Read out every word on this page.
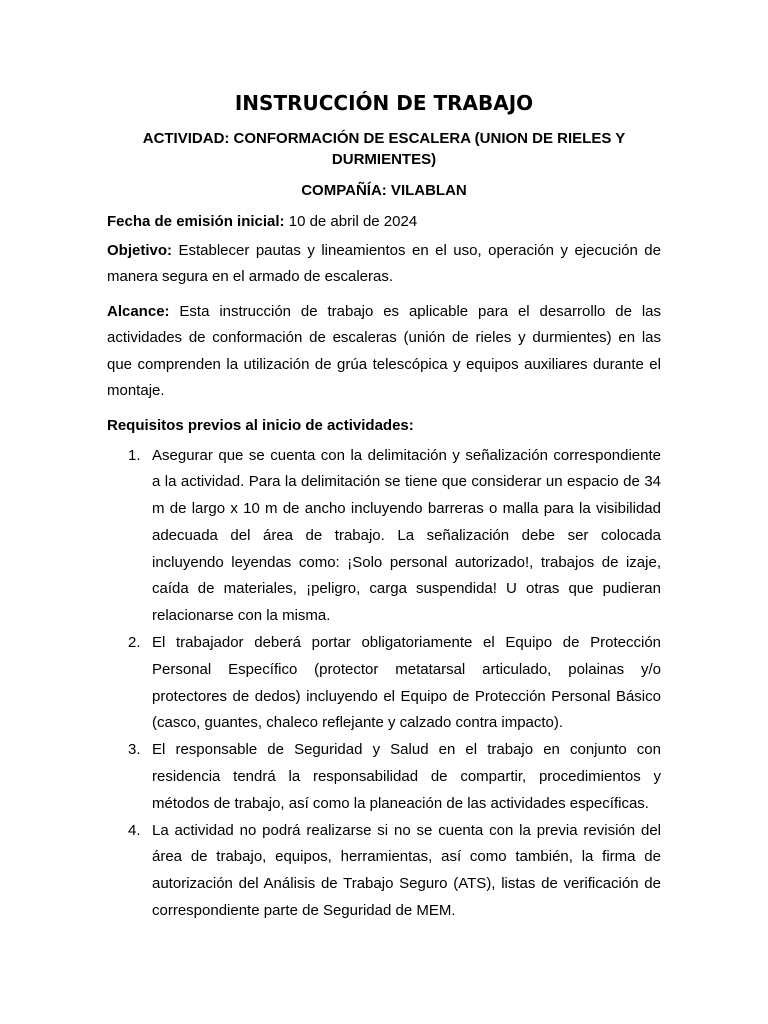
INSTRUCCIÓN DE TRABAJO
ACTIVIDAD: CONFORMACIÓN DE ESCALERA (UNION DE RIELES Y DURMIENTES)
COMPAÑÍA: VILABLAN

Fecha de emisión inicial: 10 de abril de 2024

Objetivo: Establecer pautas y lineamientos en el uso, operación y ejecución de manera segura en el armado de escaleras.

Alcance: Esta instrucción de trabajo es aplicable para el desarrollo de las actividades de conformación de escaleras (unión de rieles y durmientes) en las que comprenden la utilización de grúa telescópica y equipos auxiliares durante el montaje.

Requisitos previos al inicio de actividades:
1. Asegurar que se cuenta con la delimitación y señalización correspondiente a la actividad. Para la delimitación se tiene que considerar un espacio de 34 m de largo x 10 m de ancho incluyendo barreras o malla para la visibilidad adecuada del área de trabajo. La señalización debe ser colocada incluyendo leyendas como: ¡Solo personal autorizado!, trabajos de izaje, caída de materiales, ¡peligro, carga suspendida! U otras que pudieran relacionarse con la misma.
2. El trabajador deberá portar obligatoriamente el Equipo de Protección Personal Específico (protector metatarsal articulado, polainas y/o protectores de dedos) incluyendo el Equipo de Protección Personal Básico (casco, guantes, chaleco reflejante y calzado contra impacto).
3. El responsable de Seguridad y Salud en el trabajo en conjunto con residencia tendrá la responsabilidad de compartir, procedimientos y métodos de trabajo, así como la planeación de las actividades específicas.
4. La actividad no podrá realizarse si no se cuenta con la previa revisión del área de trabajo, equipos, herramientas, así como también, la firma de autorización del Análisis de Trabajo Seguro (ATS), listas de verificación de correspondiente parte de Seguridad de MEM.
